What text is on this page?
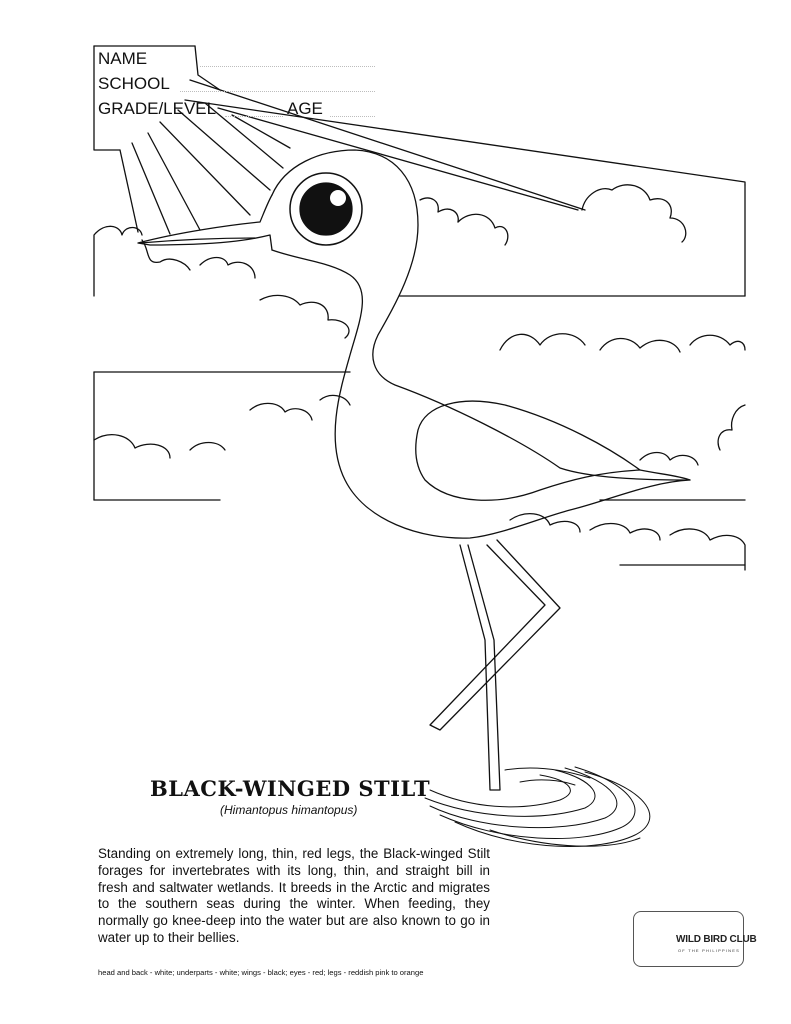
NAME
SCHOOL
GRADE/LEVEL	AGE
BLACK-WINGED STILT
(Himantopus himantopus)
Standing on extremely long, thin, red legs, the Black-winged Stilt forages for invertebrates with its long, thin, and straight bill in fresh and saltwater wetlands. It breeds in the Arctic and migrates to the southern seas during the winter. When feeding, they normally go knee-deep into the water but are also known to go in water up to their bellies.
head and back - white; underparts - white; wings - black; eyes - red; legs - reddish pink to orange
WILD BIRD CLUB
OF THE PHILIPPINES
